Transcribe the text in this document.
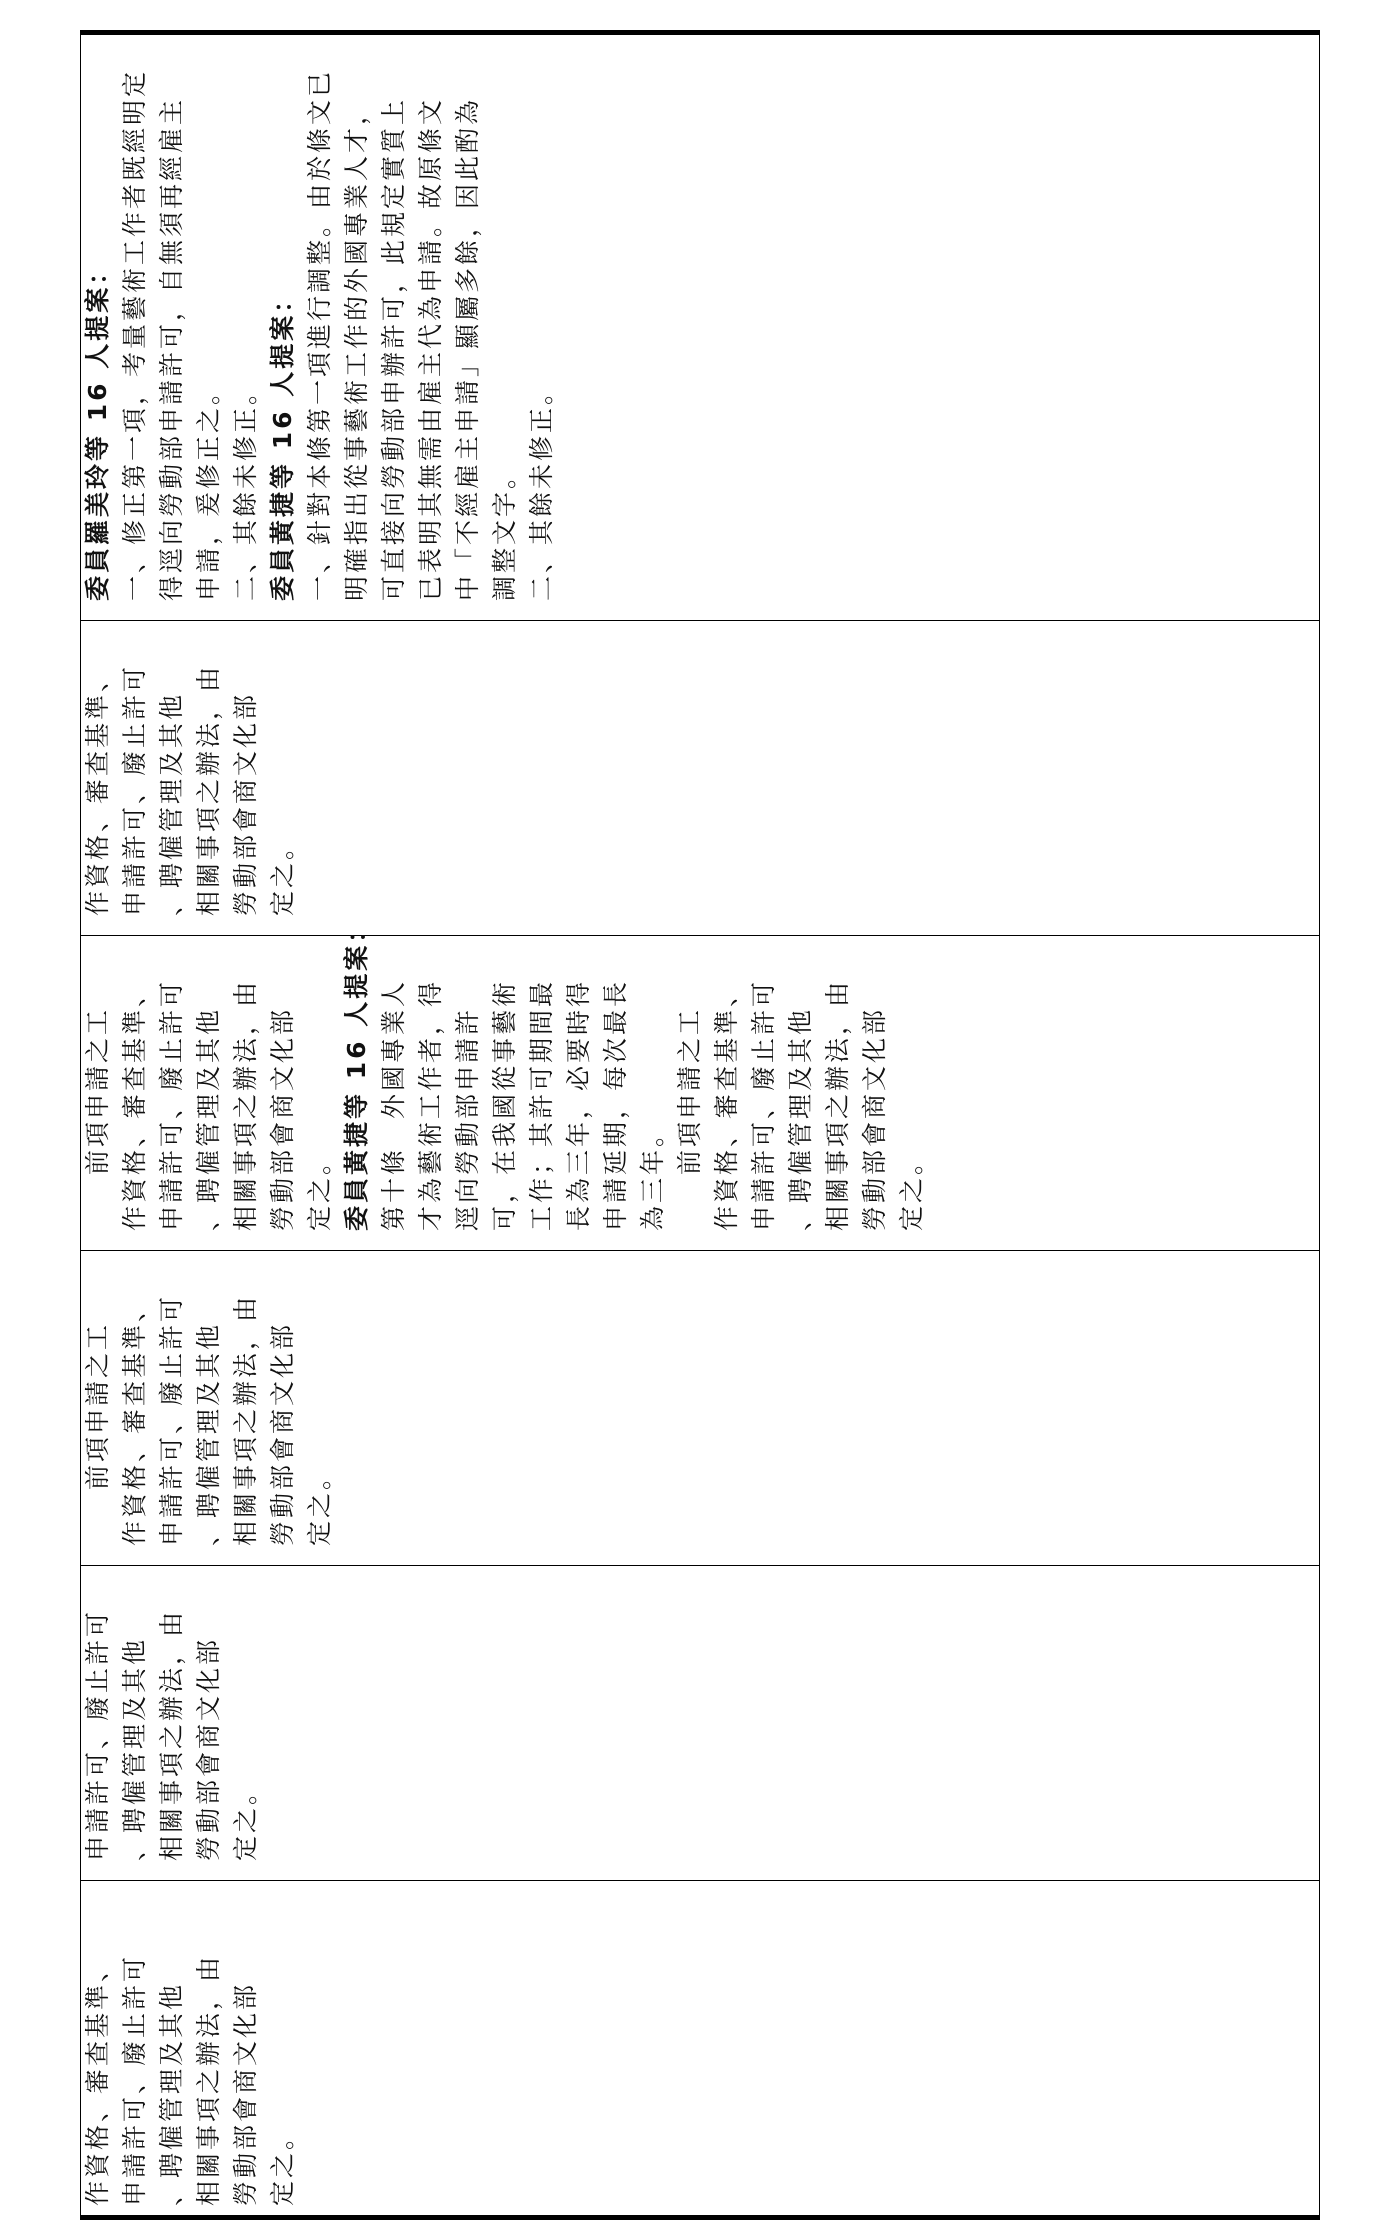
作資格、審查基準、 申請許可、廢止許可 、聘僱管理及其他 相關事項之辦法，由 勞動部會商文化部 定之。
申請許可、廢止許可 、聘僱管理及其他 相關事項之辦法，由 勞動部會商文化部 定之。
　　前項申請之工 作資格、審查基準、 申請許可、廢止許可 、聘僱管理及其他 相關事項之辦法，由 勞動部會商文化部 定之。
　　前項申請之工 作資格、審查基準、 申請許可、廢止許可 、聘僱管理及其他 相關事項之辦法，由 勞動部會商文化部 定之。 委員黃捷等 16 人提案： 第十條　外國專業人 才為藝術工作者，得 逕向勞動部申請許 可，在我國從事藝術 工作；其許可期間最 長為三年，必要時得 申請延期，每次最長 為三年。 　　前項申請之工 作資格、審查基準、 申請許可、廢止許可 、聘僱管理及其他 相關事項之辦法，由 勞動部會商文化部 定之。
作資格、審查基準、 申請許可、廢止許可 、聘僱管理及其他 相關事項之辦法，由 勞動部會商文化部 定之。
委員羅美玲等 16 人提案： 一、修正第一項，考量藝術工作者既經明定 得逕向勞動部申請許可，自無須再經雇主 申請，爰修正之。 二、其餘未修正。 委員黃捷等 16 人提案： 一、針對本條第一項進行調整。由於條文已 明確指出從事藝術工作的外國專業人才， 可直接向勞動部申辦許可，此規定實質上 已表明其無需由雇主代為申請。故原條文 中「不經雇主申請」顯屬多餘，因此酌為 調整文字。 二、其餘未修正。
